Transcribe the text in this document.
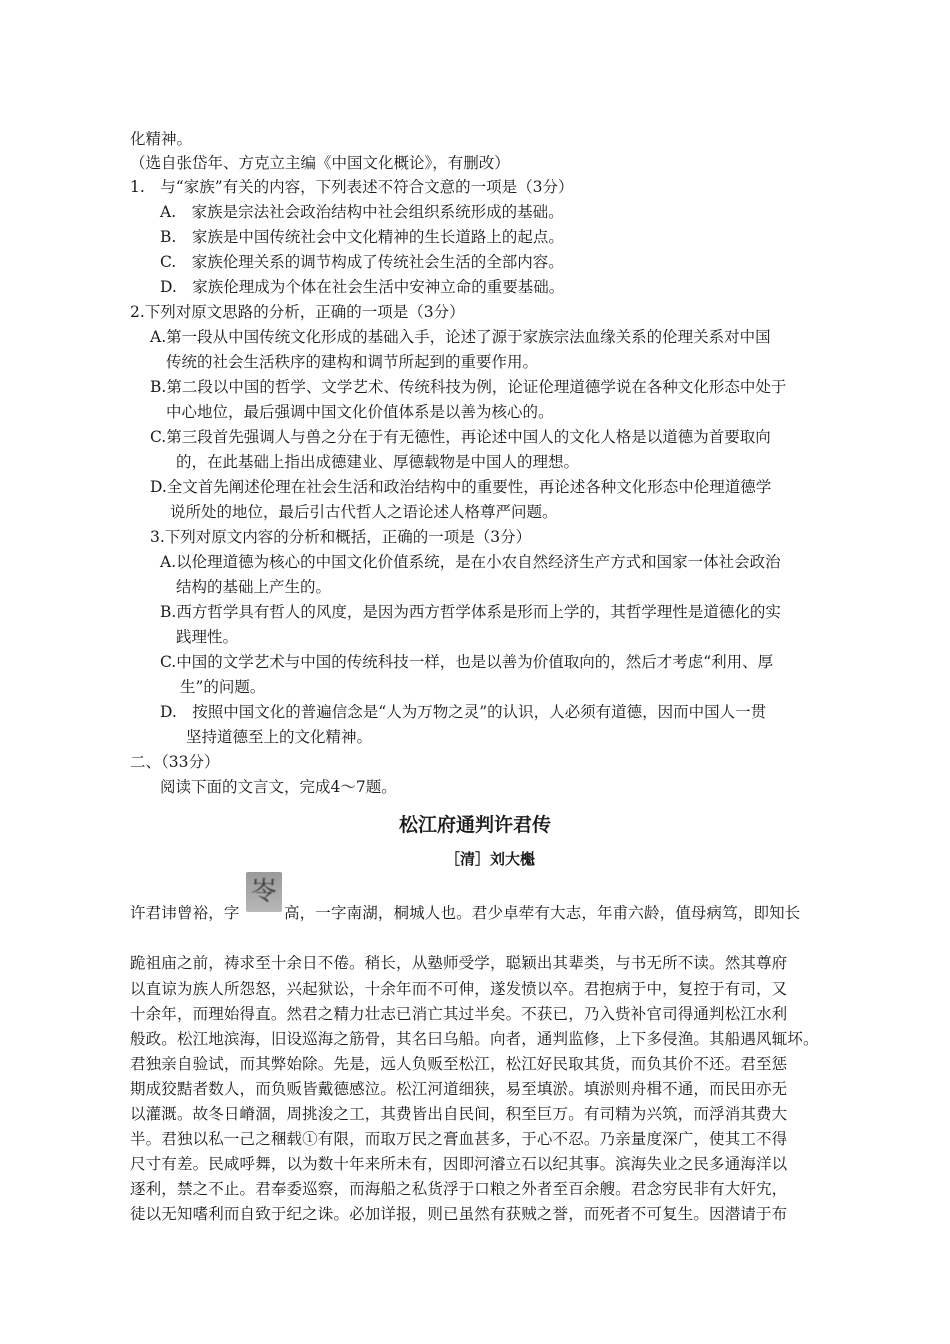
化精神。
（选自张岱年、方克立主编《中国文化概论》，有删改）
1.　与“家族”有关的内容，下列表述不符合文意的一项是（3分）
A.　家族是宗法社会政治结构中社会组织系统形成的基础。
B.　家族是中国传统社会中文化精神的生长道路上的起点。
C.　家族伦理关系的调节构成了传统社会生活的全部内容。
D.　家族伦理成为个体在社会生活中安神立命的重要基础。
2.下列对原文思路的分析，正确的一项是（3分）
A.第一段从中国传统文化形成的基础入手，论述了源于家族宗法血缘关系的伦理关系对中国
传统的社会生活秩序的建构和调节所起到的重要作用。
B.第二段以中国的哲学、文学艺术、传统科技为例，论证伦理道德学说在各种文化形态中处于
中心地位，最后强调中国文化价值体系是以善为核心的。
C.第三段首先强调人与兽之分在于有无德性，再论述中国人的文化人格是以道德为首要取向
的，在此基础上指出成德建业、厚德载物是中国人的理想。
D.全文首先阐述伦理在社会生活和政治结构中的重要性，再论述各种文化形态中伦理道德学
说所处的地位，最后引古代哲人之语论述人格尊严问题。
3.下列对原文内容的分析和概括，正确的一项是（3分）
A.以伦理道德为核心的中国文化价值系统，是在小农自然经济生产方式和国家一体社会政治
结构的基础上产生的。
B.西方哲学具有哲人的风度，是因为西方哲学体系是形而上学的，其哲学理性是道德化的实
践理性。
C.中国的文学艺术与中国的传统科技一样，也是以善为价值取向的，然后才考虑“利用、厚
生”的问题。
D.　按照中国文化的普遍信念是“人为万物之灵”的认识，人必须有道德，因而中国人一贯
坚持道德至上的文化精神。
二、（33分）
阅读下面的文言文，完成4～7题。
松江府通判许君传
［清］刘大櫆
许君讳曾裕，字
岺
高，一字南湖，桐城人也。君少卓荦有大志，年甫六龄，值母病笃，即知长
跪祖庙之前，祷求至十余日不倦。稍长，从塾师受学，聪颖出其辈类，与书无所不读。然其尊府
以直谅为族人所怨怒，兴起狱讼，十余年而不可伸，遂发愤以卒。君抱病于中，复控于有司，又
十余年，而理始得直。然君之精力壮志已消亡其过半矣。不获已，乃入赀补官司得通判松江水利
般政。松江地滨海，旧设巡海之筋骨，其名曰乌船。向者，通判监修，上下多侵渔。其船遇风辄坏。
君独亲自验试，而其弊始除。先是，远人负贩至松江，松江好民取其货，而负其价不还。君至惩
期成狡黠者数人，而负贩皆戴德感泣。松江河道细狭，易至填淤。填淤则舟楫不通，而民田亦无
以灌溉。故冬日嵴涸，周挑浚之工，其费皆出自民间，积至巨万。有司精为兴筑，而浮消其费大
半。君独以私一己之稛载①有限，而取万民之膏血甚多，于心不忍。乃亲量度深广，使其工不得
尺寸有差。民咸呼舞，以为数十年来所未有，因即河濬立石以纪其事。滨海失业之民多通海洋以
逐利，禁之不止。君奉委巡察，而海船之私货浮于口粮之外者至百余艘。君念穷民非有大奸宄，
徒以无知嗜利而自致于纪之诛。必加详报，则已虽然有获贼之誉，而死者不可复生。因潜请于布
